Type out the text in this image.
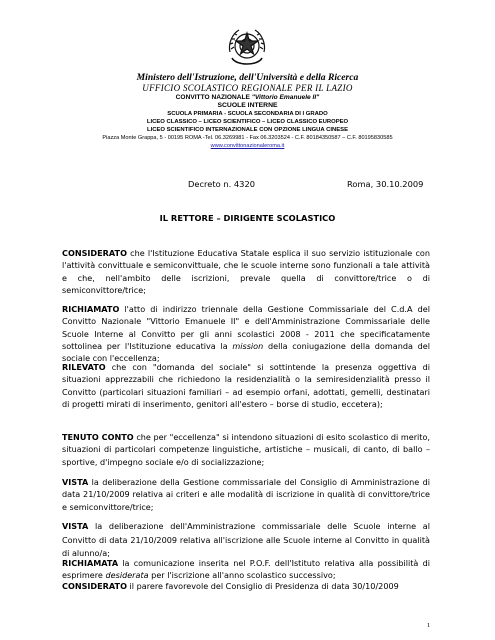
Ministero dell'Istruzione, dell'Università e della Ricerca
UFFICIO SCOLASTICO REGIONALE PER IL LAZIO
CONVITTO NAZIONALE "Vittorio Emanuele II"
SCUOLE INTERNE
SCUOLA PRIMARIA - SCUOLA SECONDARIA DI I GRADO
LICEO CLASSICO – LICEO SCIENTIFICO – LICEO CLASSICO EUROPEO
LICEO SCIENTIFICO INTERNAZIONALE CON OPZIONE LINGUA CINESE
Piazza Monte Grappa, 5 - 00195 ROMA -Tel. 06.3269981 - Fax 06.3203524 - C.F. 80184350587 – C.F. 80195830585
www.convittonazionaleroma.it
Decreto n. 4320	Roma, 30.10.2009
IL RETTORE – DIRIGENTE SCOLASTICO

CONSIDERATO che l'Istituzione Educativa Statale esplica il suo servizio istituzionale con l'attività convittuale e semiconvittuale, che le scuole interne sono funzionali a tale attività e che, nell'ambito delle iscrizioni, prevale quella di convittore/trice o di semiconvittore/trice;

RICHIAMATO l'atto di indirizzo triennale della Gestione Commissariale del C.d.A del Convitto Nazionale "Vittorio Emanuele II" e dell'Amministrazione Commissariale delle Scuole Interne al Convitto per gli anni scolastici 2008 - 2011 che specificatamente sottolinea per l'Istituzione educativa la mission della coniugazione della domanda del sociale con l'eccellenza;

RILEVATO che con "domanda del sociale" si sottintende la presenza oggettiva di situazioni apprezzabili che richiedono la residenzialità o la semiresidenzialità presso il Convitto (particolari situazioni familiari – ad esempio orfani, adottati, gemelli, destinatari di progetti mirati di inserimento, genitori all'estero – borse di studio, eccetera);

TENUTO CONTO che per "eccellenza" si intendono situazioni di esito scolastico di merito, situazioni di particolari competenze linguistiche, artistiche – musicali, di canto, di ballo – sportive, d'impegno sociale e/o di socializzazione;

VISTA la deliberazione della Gestione commissariale del Consiglio di Amministrazione di data 21/10/2009 relativa ai criteri e alle modalità di iscrizione in qualità di convittore/trice e semiconvittore/trice;

VISTA la deliberazione dell'Amministrazione commissariale delle Scuole interne al Convitto di data 21/10/2009 relativa all'iscrizione alle Scuole interne al Convitto in qualità di alunno/a;

RICHIAMATA la comunicazione inserita nel P.O.F. dell'Istituto relativa alla possibilità di esprimere desiderata per l'iscrizione all'anno scolastico successivo;

CONSIDERATO il parere favorevole del Consiglio di Presidenza di data 30/10/2009

1
